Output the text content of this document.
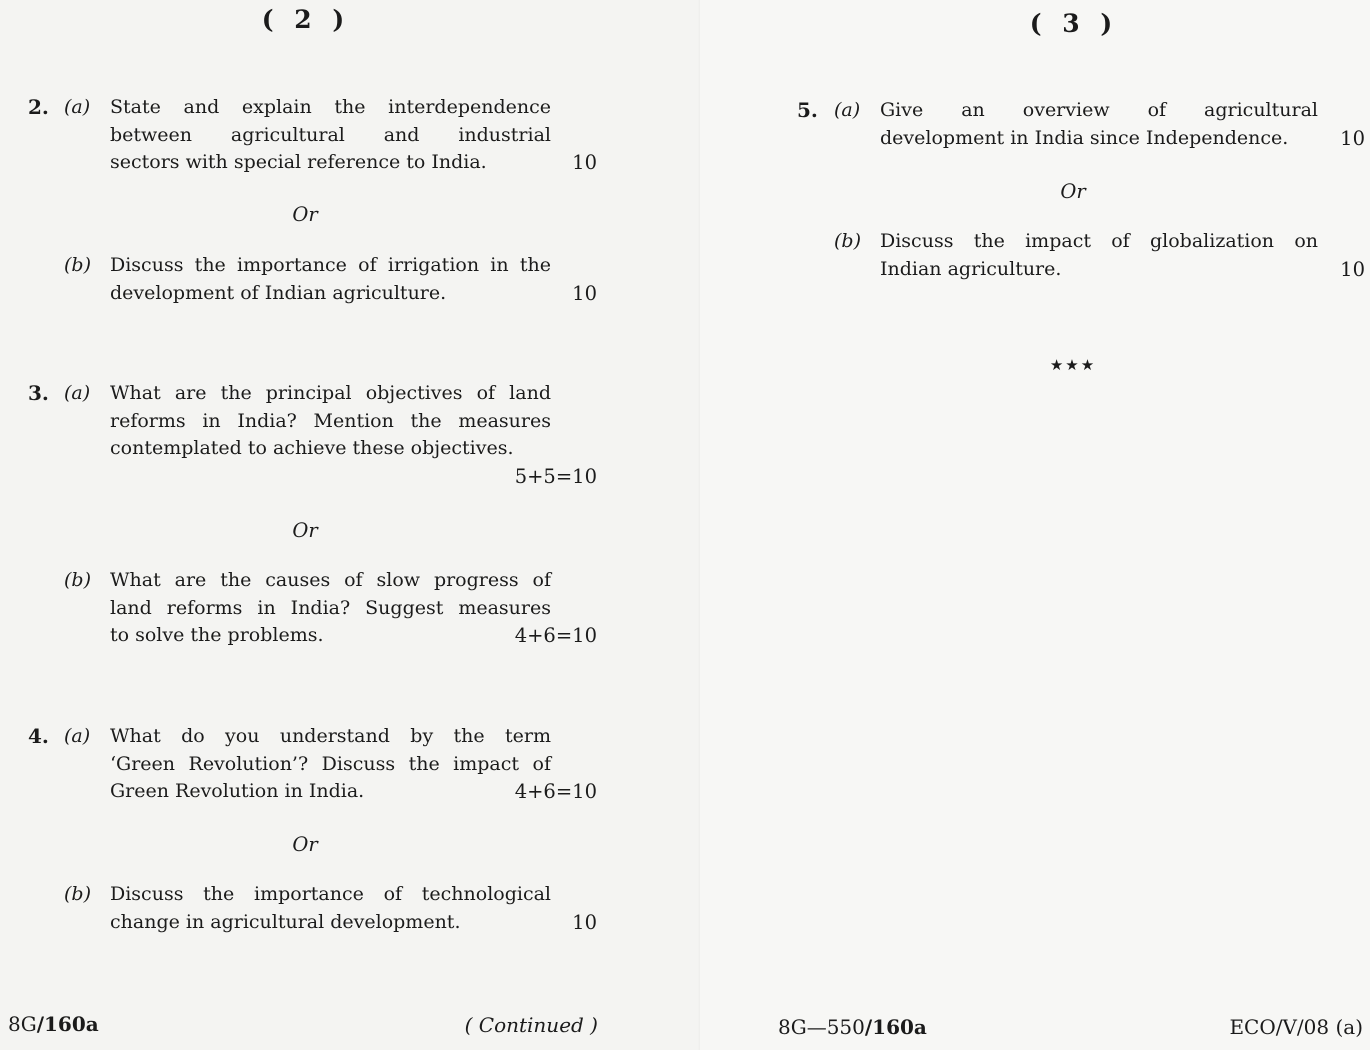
( 2 )
2. (a) State and explain the interdependence
between agricultural and industrial
sectors with special reference to India.	10
Or
(b) Discuss the importance of irrigation in the
development of Indian agriculture.	10
3. (a) What are the principal objectives of land
reforms in India? Mention the measures
contemplated to achieve these objectives.
5+5=10
Or
(b) What are the causes of slow progress of
land reforms in India? Suggest measures
to solve the problems.	4+6=10
4. (a) What do you understand by the term
‘Green Revolution’? Discuss the impact of
Green Revolution in India.	4+6=10
Or
(b) Discuss the importance of technological
change in agricultural development.	10
8G/160a	( Continued )
( 3 )
5. (a) Give an overview of agricultural
development in India since Independence.	10
Or
(b) Discuss the impact of globalization on
Indian agriculture.	10
★★★
8G—550/160a	ECO/V/08 (a)
